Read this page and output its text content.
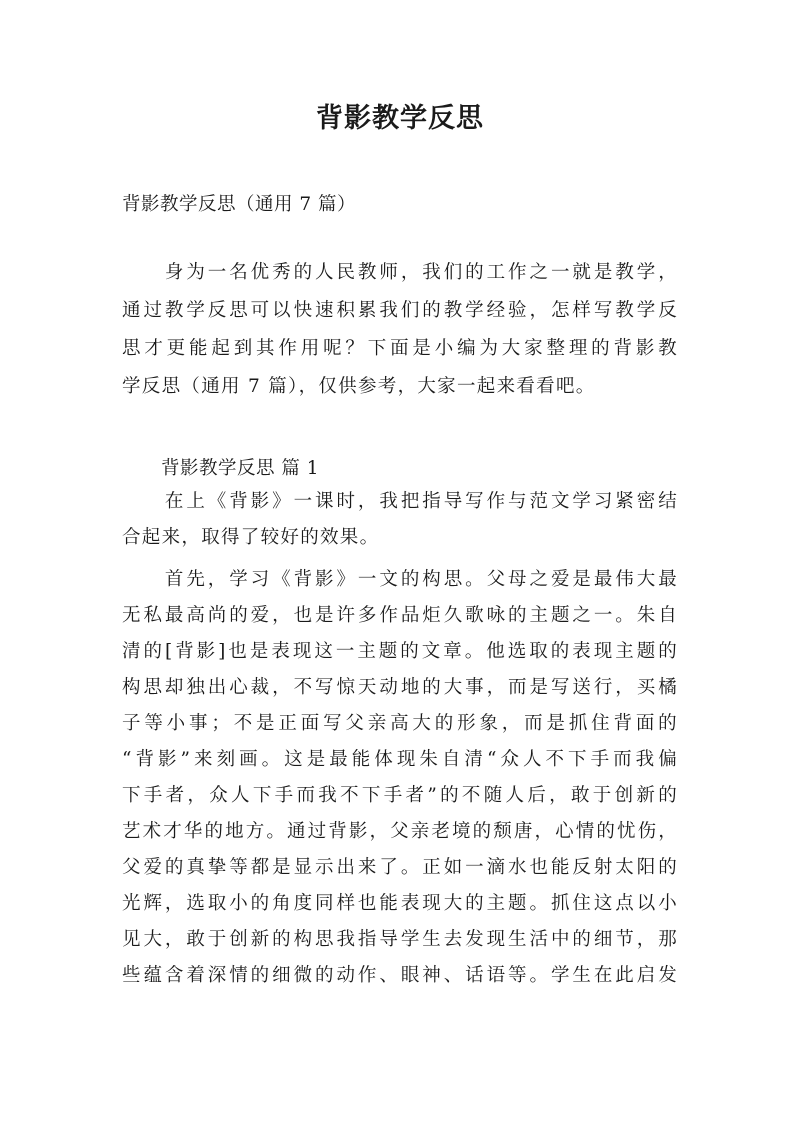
背影教学反思
背影教学反思（通用 7 篇）
　　身为一名优秀的人民教师，我们的工作之一就是教学，
通过教学反思可以快速积累我们的教学经验，怎样写教学反
思才更能起到其作用呢？下面是小编为大家整理的背影教
学反思（通用 7 篇），仅供参考，大家一起来看看吧。
背影教学反思 篇 1
　　在上《背影》一课时，我把指导写作与范文学习紧密结
合起来，取得了较好的效果。
　　首先，学习《背影》一文的构思。父母之爱是最伟大最
无私最高尚的爱，也是许多作品炬久歌咏的主题之一。朱自
清的[背影]也是表现这一主题的文章。他选取的表现主题的
构思却独出心裁，不写惊天动地的大事，而是写送行，买橘
子等小事；不是正面写父亲高大的形象，而是抓住背面的
“背影”来刻画。这是最能体现朱自清“众人不下手而我偏
下手者，众人下手而我不下手者”的不随人后，敢于创新的
艺术才华的地方。通过背影，父亲老境的颓唐，心情的忧伤，
父爱的真挚等都是显示出来了。正如一滴水也能反射太阳的
光辉，选取小的角度同样也能表现大的主题。抓住这点以小
见大，敢于创新的构思我指导学生去发现生活中的细节，那
些蕴含着深情的细微的动作、眼神、话语等。学生在此启发
